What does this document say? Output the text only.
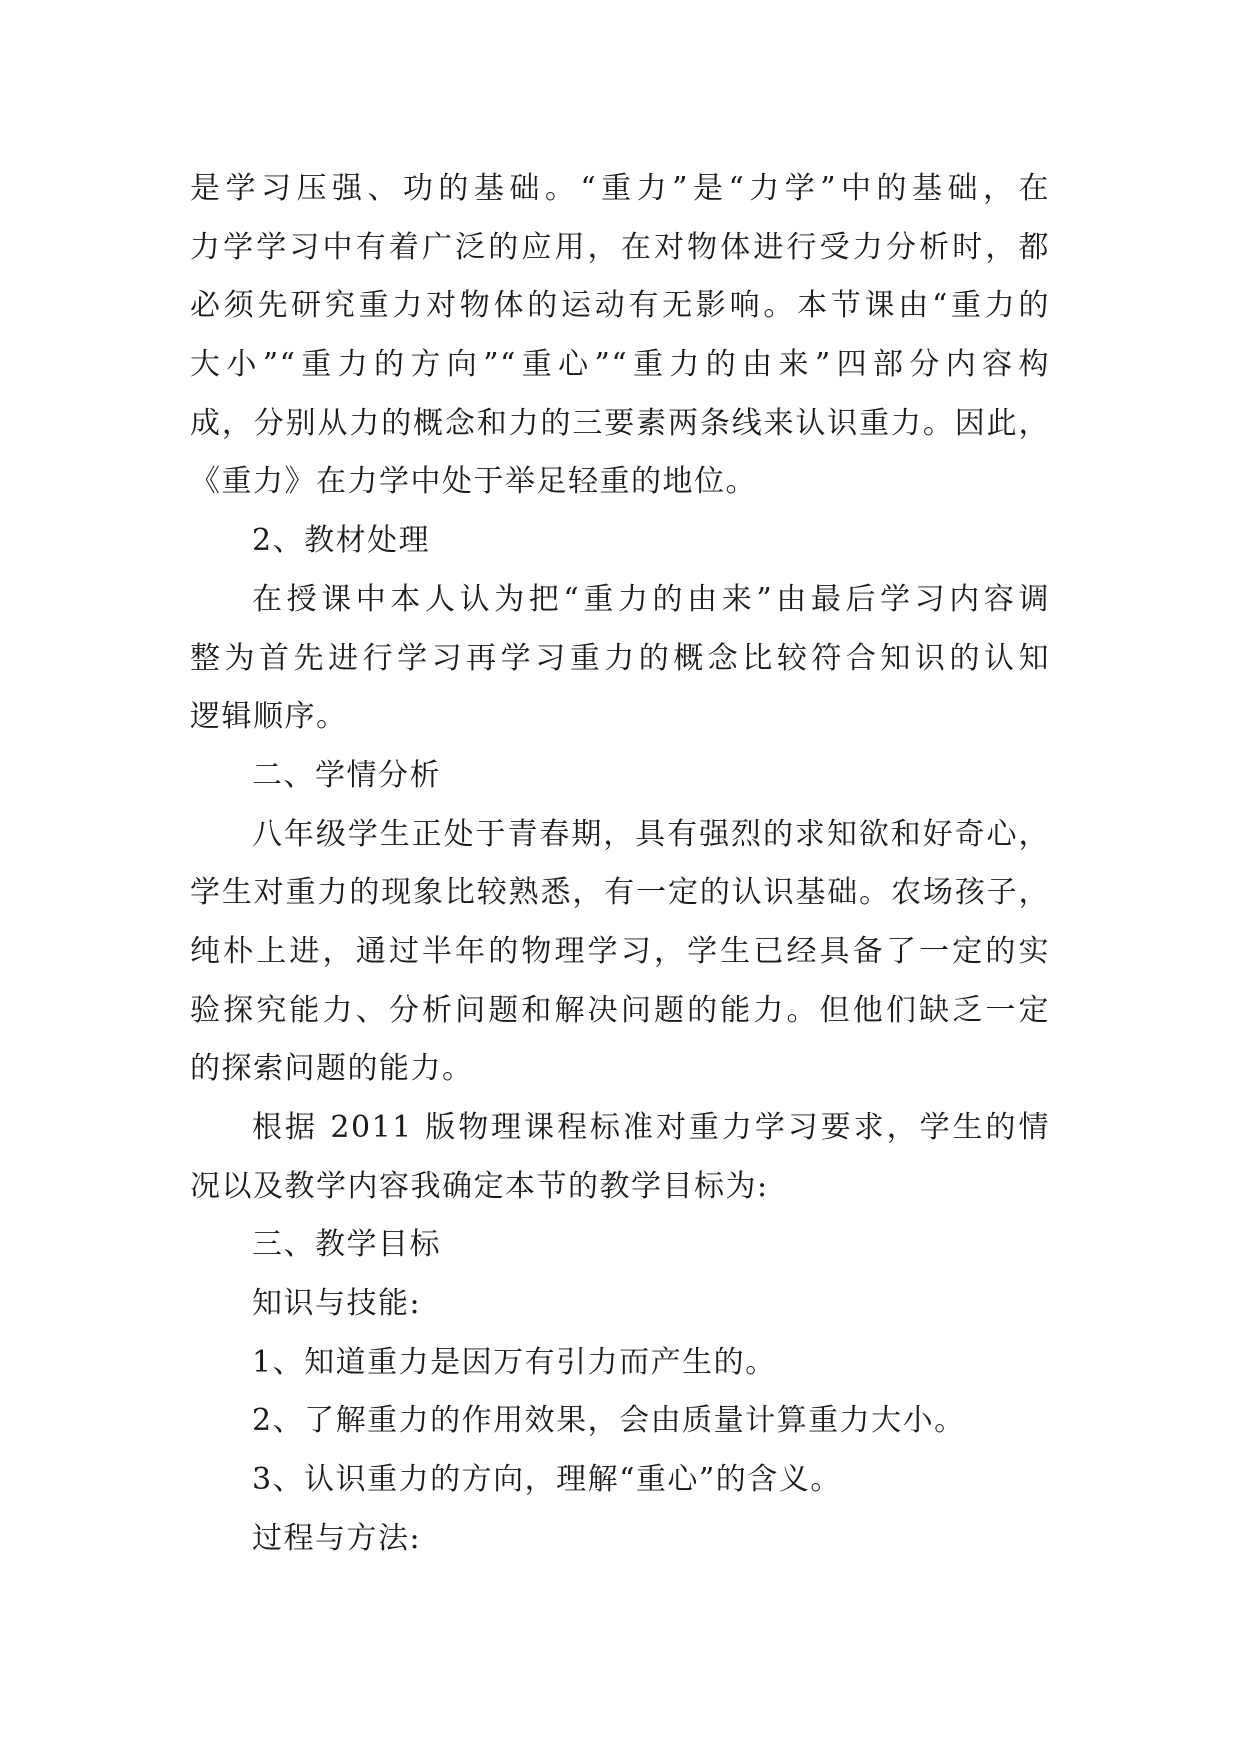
是学习压强、功的基础。“重力”是“力学”中的基础，在
力学学习中有着广泛的应用，在对物体进行受力分析时，都
必须先研究重力对物体的运动有无影响。本节课由“重力的
大小”“重力的方向”“重心”“重力的由来”四部分内容构
成，分别从力的概念和力的三要素两条线来认识重力。因此，
《重力》在力学中处于举足轻重的地位。
2、教材处理
在授课中本人认为把“重力的由来”由最后学习内容调
整为首先进行学习再学习重力的概念比较符合知识的认知
逻辑顺序。
二、学情分析
八年级学生正处于青春期，具有强烈的求知欲和好奇心，
学生对重力的现象比较熟悉，有一定的认识基础。农场孩子，
纯朴上进，通过半年的物理学习，学生已经具备了一定的实
验探究能力、分析问题和解决问题的能力。但他们缺乏一定
的探索问题的能力。
根据 2011 版物理课程标准对重力学习要求，学生的情
况以及教学内容我确定本节的教学目标为:
三、教学目标
知识与技能:
1、知道重力是因万有引力而产生的。
2、了解重力的作用效果，会由质量计算重力大小。
3、认识重力的方向，理解“重心”的含义。
过程与方法:
